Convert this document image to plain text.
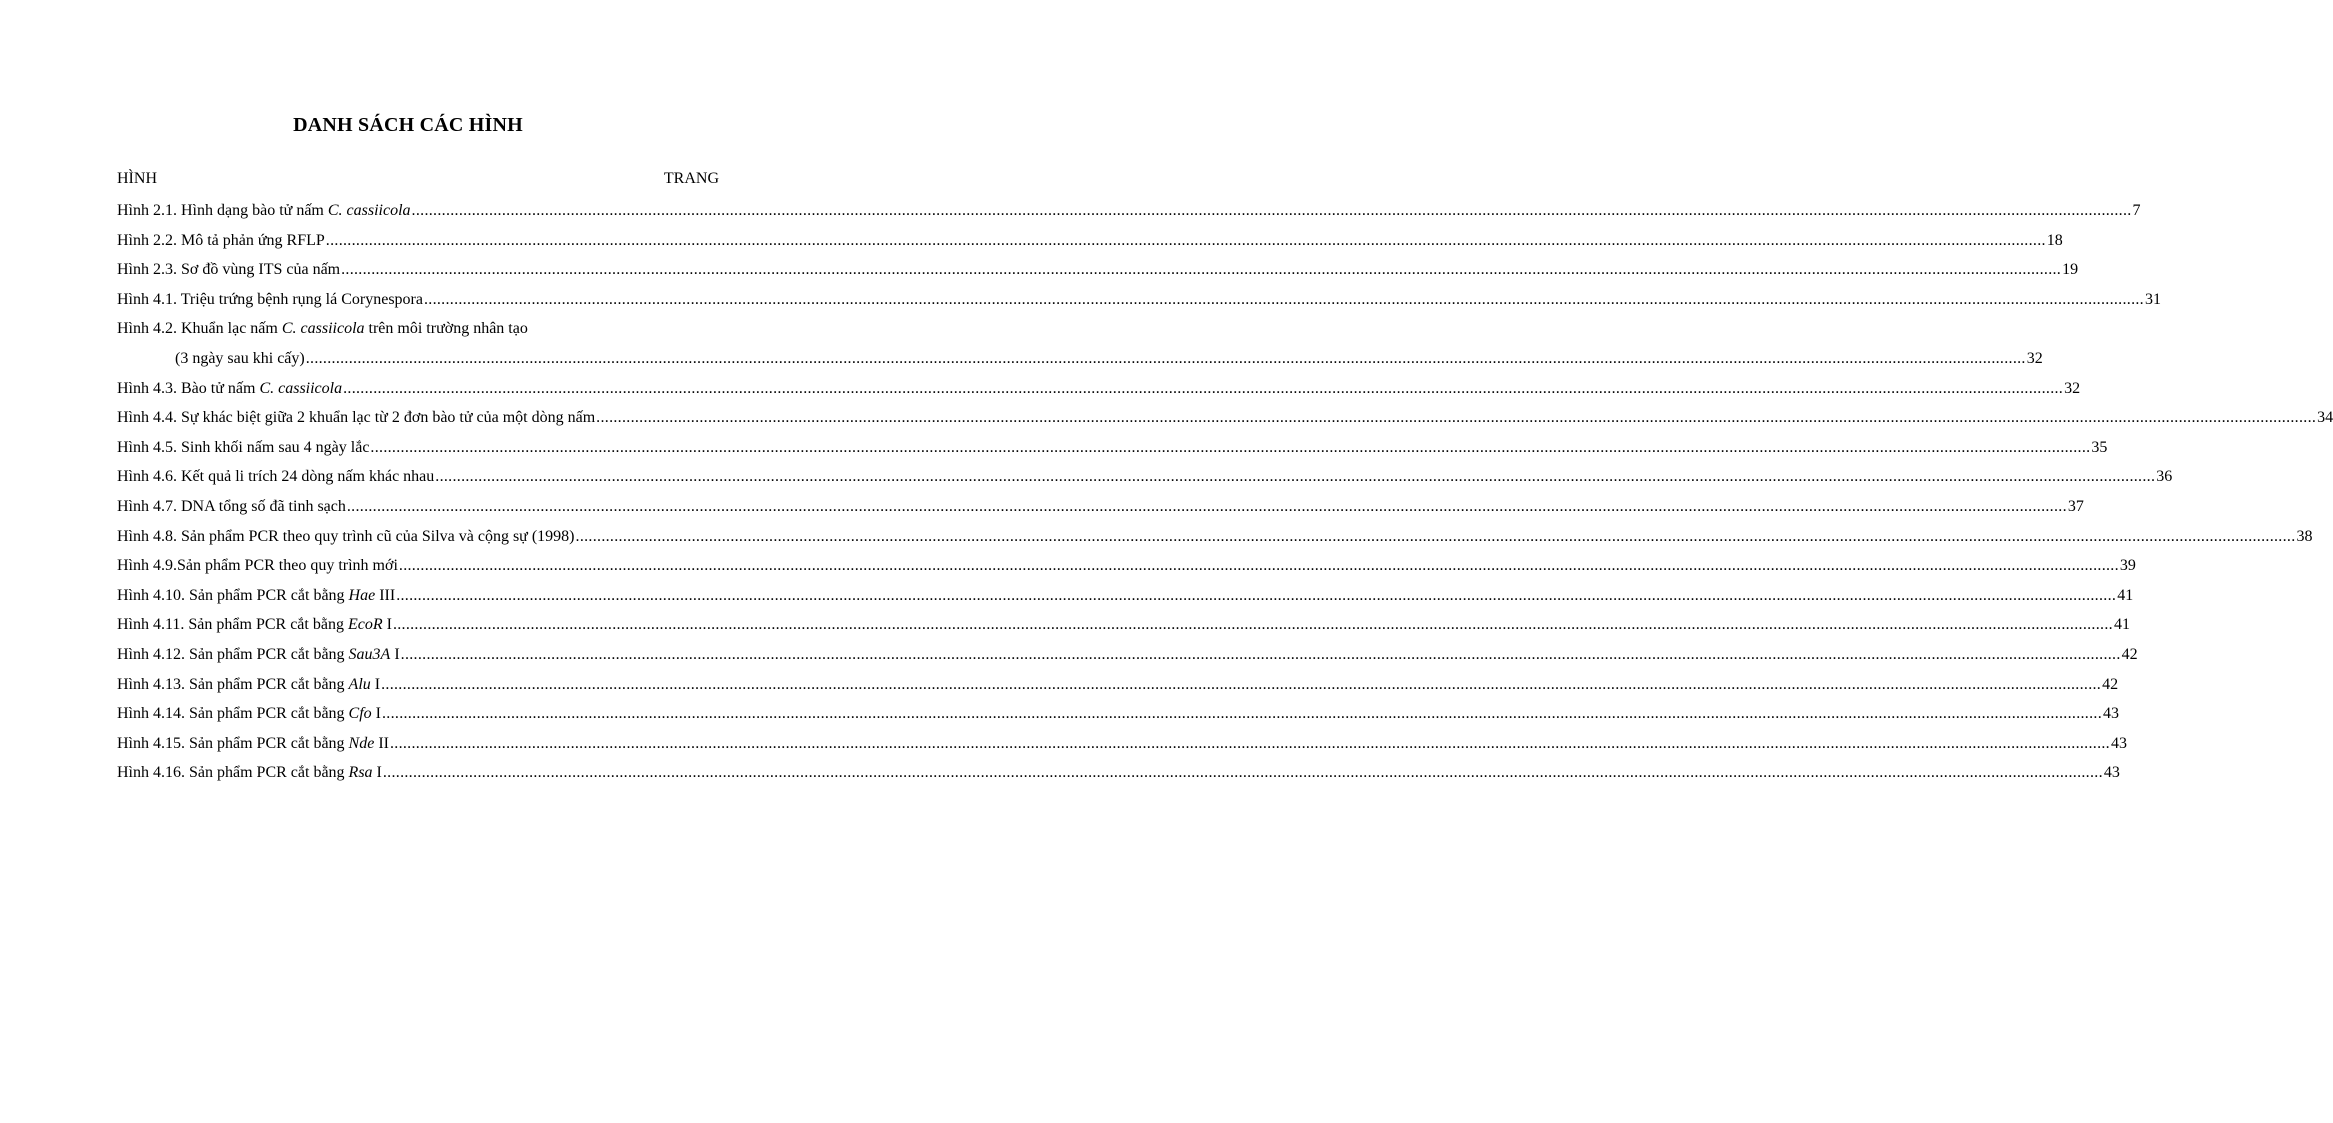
DANH SÁCH CÁC HÌNH
HÌNH	TRANG
Hình 2.1. Hình dạng bào tử nấm C. cassiicola ................................................................................................................................................................................................................................................................................................................................................................................................................ 7
Hình 2.2. Mô tả phản ứng RFLP ................................................................................................................................................................................................................................................................................................................................................................................................................ 18
Hình 2.3. Sơ đồ vùng ITS của nấm ................................................................................................................................................................................................................................................................................................................................................................................................................ 19
Hình 4.1. Triệu trứng bệnh rụng lá Corynespora ................................................................................................................................................................................................................................................................................................................................................................................................................ 31
Hình 4.2. Khuẩn lạc nấm C. cassiicola trên môi trường nhân tạo
(3 ngày sau khi cấy) ................................................................................................................................................................................................................................................................................................................................................................................................................ 32
Hình 4.3. Bào tử nấm C. cassiicola ................................................................................................................................................................................................................................................................................................................................................................................................................ 32
Hình 4.4. Sự khác biệt giữa 2 khuẩn lạc từ 2 đơn bào tử của một dòng nấm ................................................................................................................................................................................................................................................................................................................................................................................................................ 34
Hình 4.5. Sinh khối nấm sau 4 ngày lắc ................................................................................................................................................................................................................................................................................................................................................................................................................ 35
Hình 4.6. Kết quả li trích 24 dòng nấm khác nhau ................................................................................................................................................................................................................................................................................................................................................................................................................ 36
Hình 4.7. DNA tổng số đã tinh sạch ................................................................................................................................................................................................................................................................................................................................................................................................................ 37
Hình 4.8. Sản phẩm PCR theo quy trình cũ của Silva và cộng sự (1998) ................................................................................................................................................................................................................................................................................................................................................................................................................ 38
Hình 4.9.Sản phẩm PCR theo quy trình mới ................................................................................................................................................................................................................................................................................................................................................................................................................ 39
Hình 4.10. Sản phẩm PCR cắt bằng Hae III ................................................................................................................................................................................................................................................................................................................................................................................................................ 41
Hình 4.11. Sản phẩm PCR cắt bằng EcoR I ................................................................................................................................................................................................................................................................................................................................................................................................................ 41
Hình 4.12. Sản phẩm PCR cắt bằng Sau3A I ................................................................................................................................................................................................................................................................................................................................................................................................................ 42
Hình 4.13. Sản phẩm PCR cắt bằng Alu I ................................................................................................................................................................................................................................................................................................................................................................................................................ 42
Hình 4.14. Sản phẩm PCR cắt bằng Cfo I ................................................................................................................................................................................................................................................................................................................................................................................................................ 43
Hình 4.15. Sản phẩm PCR cắt bằng Nde II ................................................................................................................................................................................................................................................................................................................................................................................................................ 43
Hình 4.16. Sản phẩm PCR cắt bằng Rsa I ................................................................................................................................................................................................................................................................................................................................................................................................................ 43
